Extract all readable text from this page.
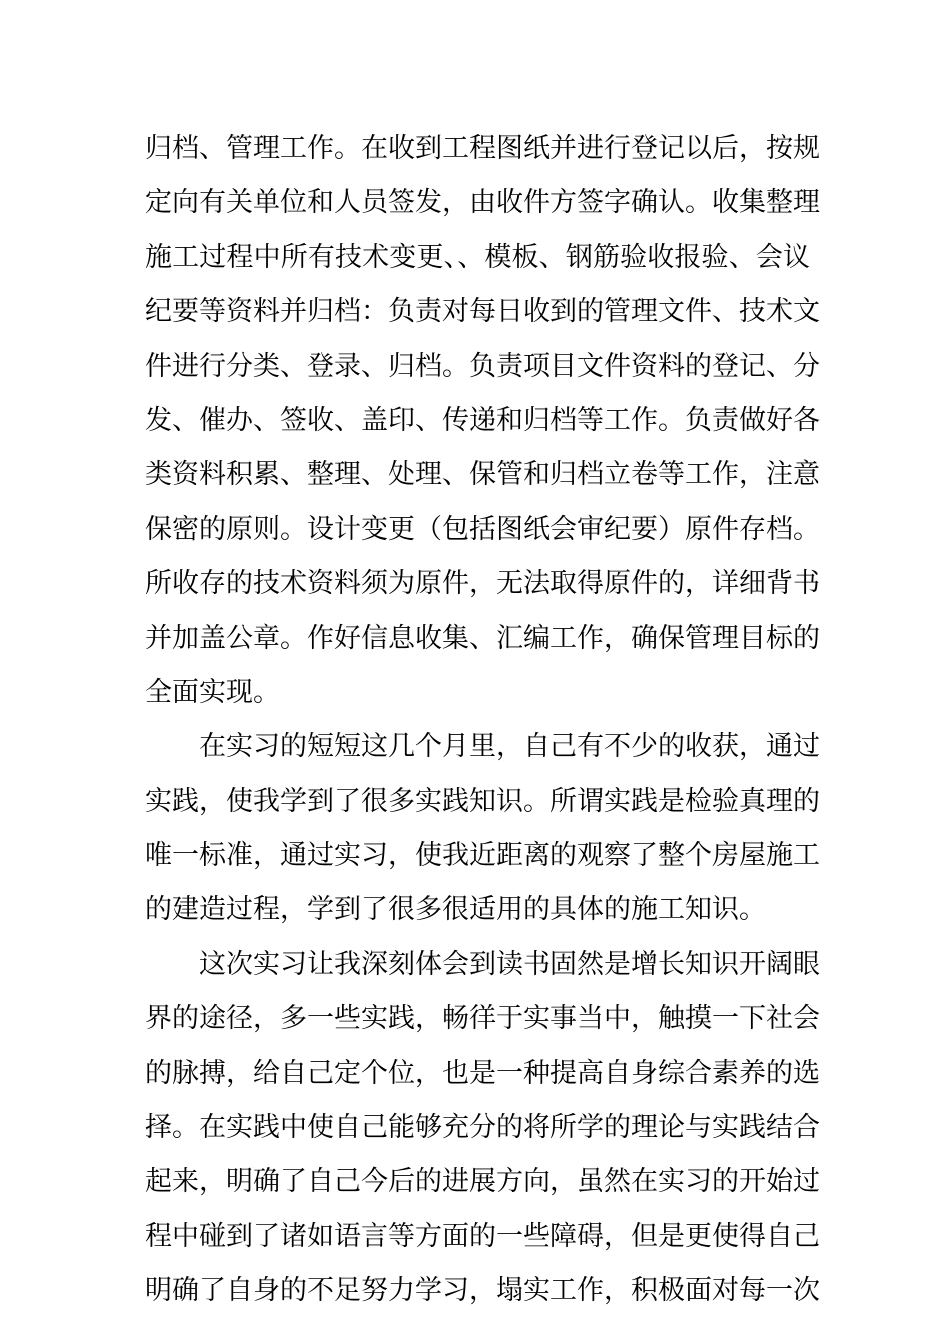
归档、管理工作。在收到工程图纸并进行登记以后，按规
定向有关单位和人员签发，由收件方签字确认。收集整理
施工过程中所有技术变更、、模板、钢筋验收报验、会议
纪要等资料并归档：负责对每日收到的管理文件、技术文
件进行分类、登录、归档。负责项目文件资料的登记、分
发、催办、签收、盖印、传递和归档等工作。负责做好各
类资料积累、整理、处理、保管和归档立卷等工作，注意
保密的原则。设计变更（包括图纸会审纪要）原件存档。
所收存的技术资料须为原件，无法取得原件的，详细背书
并加盖公章。作好信息收集、汇编工作，确保管理目标的
全面实现。
在实习的短短这几个月里，自己有不少的收获，通过
实践，使我学到了很多实践知识。所谓实践是检验真理的
唯一标准，通过实习，使我近距离的观察了整个房屋施工
的建造过程，学到了很多很适用的具体的施工知识。
这次实习让我深刻体会到读书固然是增长知识开阔眼
界的途径，多一些实践，畅徉于实事当中，触摸一下社会
的脉搏，给自己定个位，也是一种提高自身综合素养的选
择。在实践中使自己能够充分的将所学的理论与实践结合
起来，明确了自己今后的进展方向，虽然在实习的开始过
程中碰到了诸如语言等方面的一些障碍，但是更使得自己
明确了自身的不足努力学习，塌实工作，积极面对每一次
